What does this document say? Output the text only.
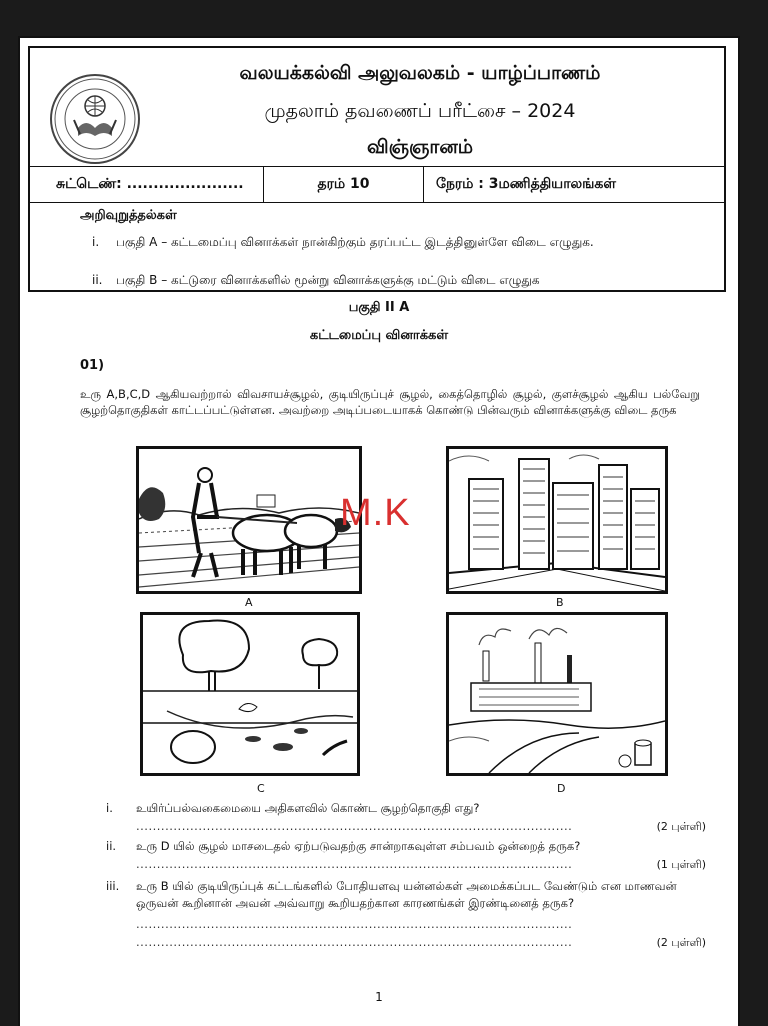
வலயக்கல்வி அலுவலகம் - யாழ்ப்பாணம்
முதலாம் தவணைப் பரீட்சை – 2024
விஞ்ஞானம்
சுட்டெண்: ......................	தரம் 10	நேரம் : 3மணித்தியாலங்கள்
அறிவுறுத்தல்கள்
i. பகுதி A – கட்டமைப்பு வினாக்கள் நான்கிற்கும் தரப்பட்ட இடத்தினுள்ளே விடை எழுதுக.
ii. பகுதி B – கட்டுரை வினாக்களில் மூன்று வினாக்களுக்கு மட்டும் விடை எழுதுக
பகுதி II A
கட்டமைப்பு வினாக்கள்
01)
உரு A,B,C,D ஆகியவற்றால் விவசாயச்சூழல், குடியிருப்புச் சூழல், கைத்தொழில் சூழல், குளச்சூழல் ஆகிய பல்வேறு சூழற்தொகுதிகள் காட்டப்பட்டுள்ளன. அவற்றை அடிப்படையாகக் கொண்டு பின்வரும் வினாக்களுக்கு விடை தருக
A	B
C	D
M.K
i.	உயிர்ப்பல்வகைமையை அதிகளவில் கொண்ட சூழற்தொகுதி எது?
.........................................................................................................	(2 புள்ளி)
ii.	உரு D யில் சூழல் மாசடைதல் ஏற்படுவதற்கு சான்றாகவுள்ள சம்பவம் ஒன்றைத் தருக?
.........................................................................................................	(1 புள்ளி)
iii.	உரு B யில் குடியிருப்புக் கட்டங்களில் போதியளவு யன்னல்கள் அமைக்கப்பட வேண்டும் என மாணவன் ஒருவன் கூறினான் அவன் அவ்வாறு கூறியதற்கான காரணங்கள் இரண்டினைத் தருக?
.........................................................................................................
.........................................................................................................	(2 புள்ளி)
1
